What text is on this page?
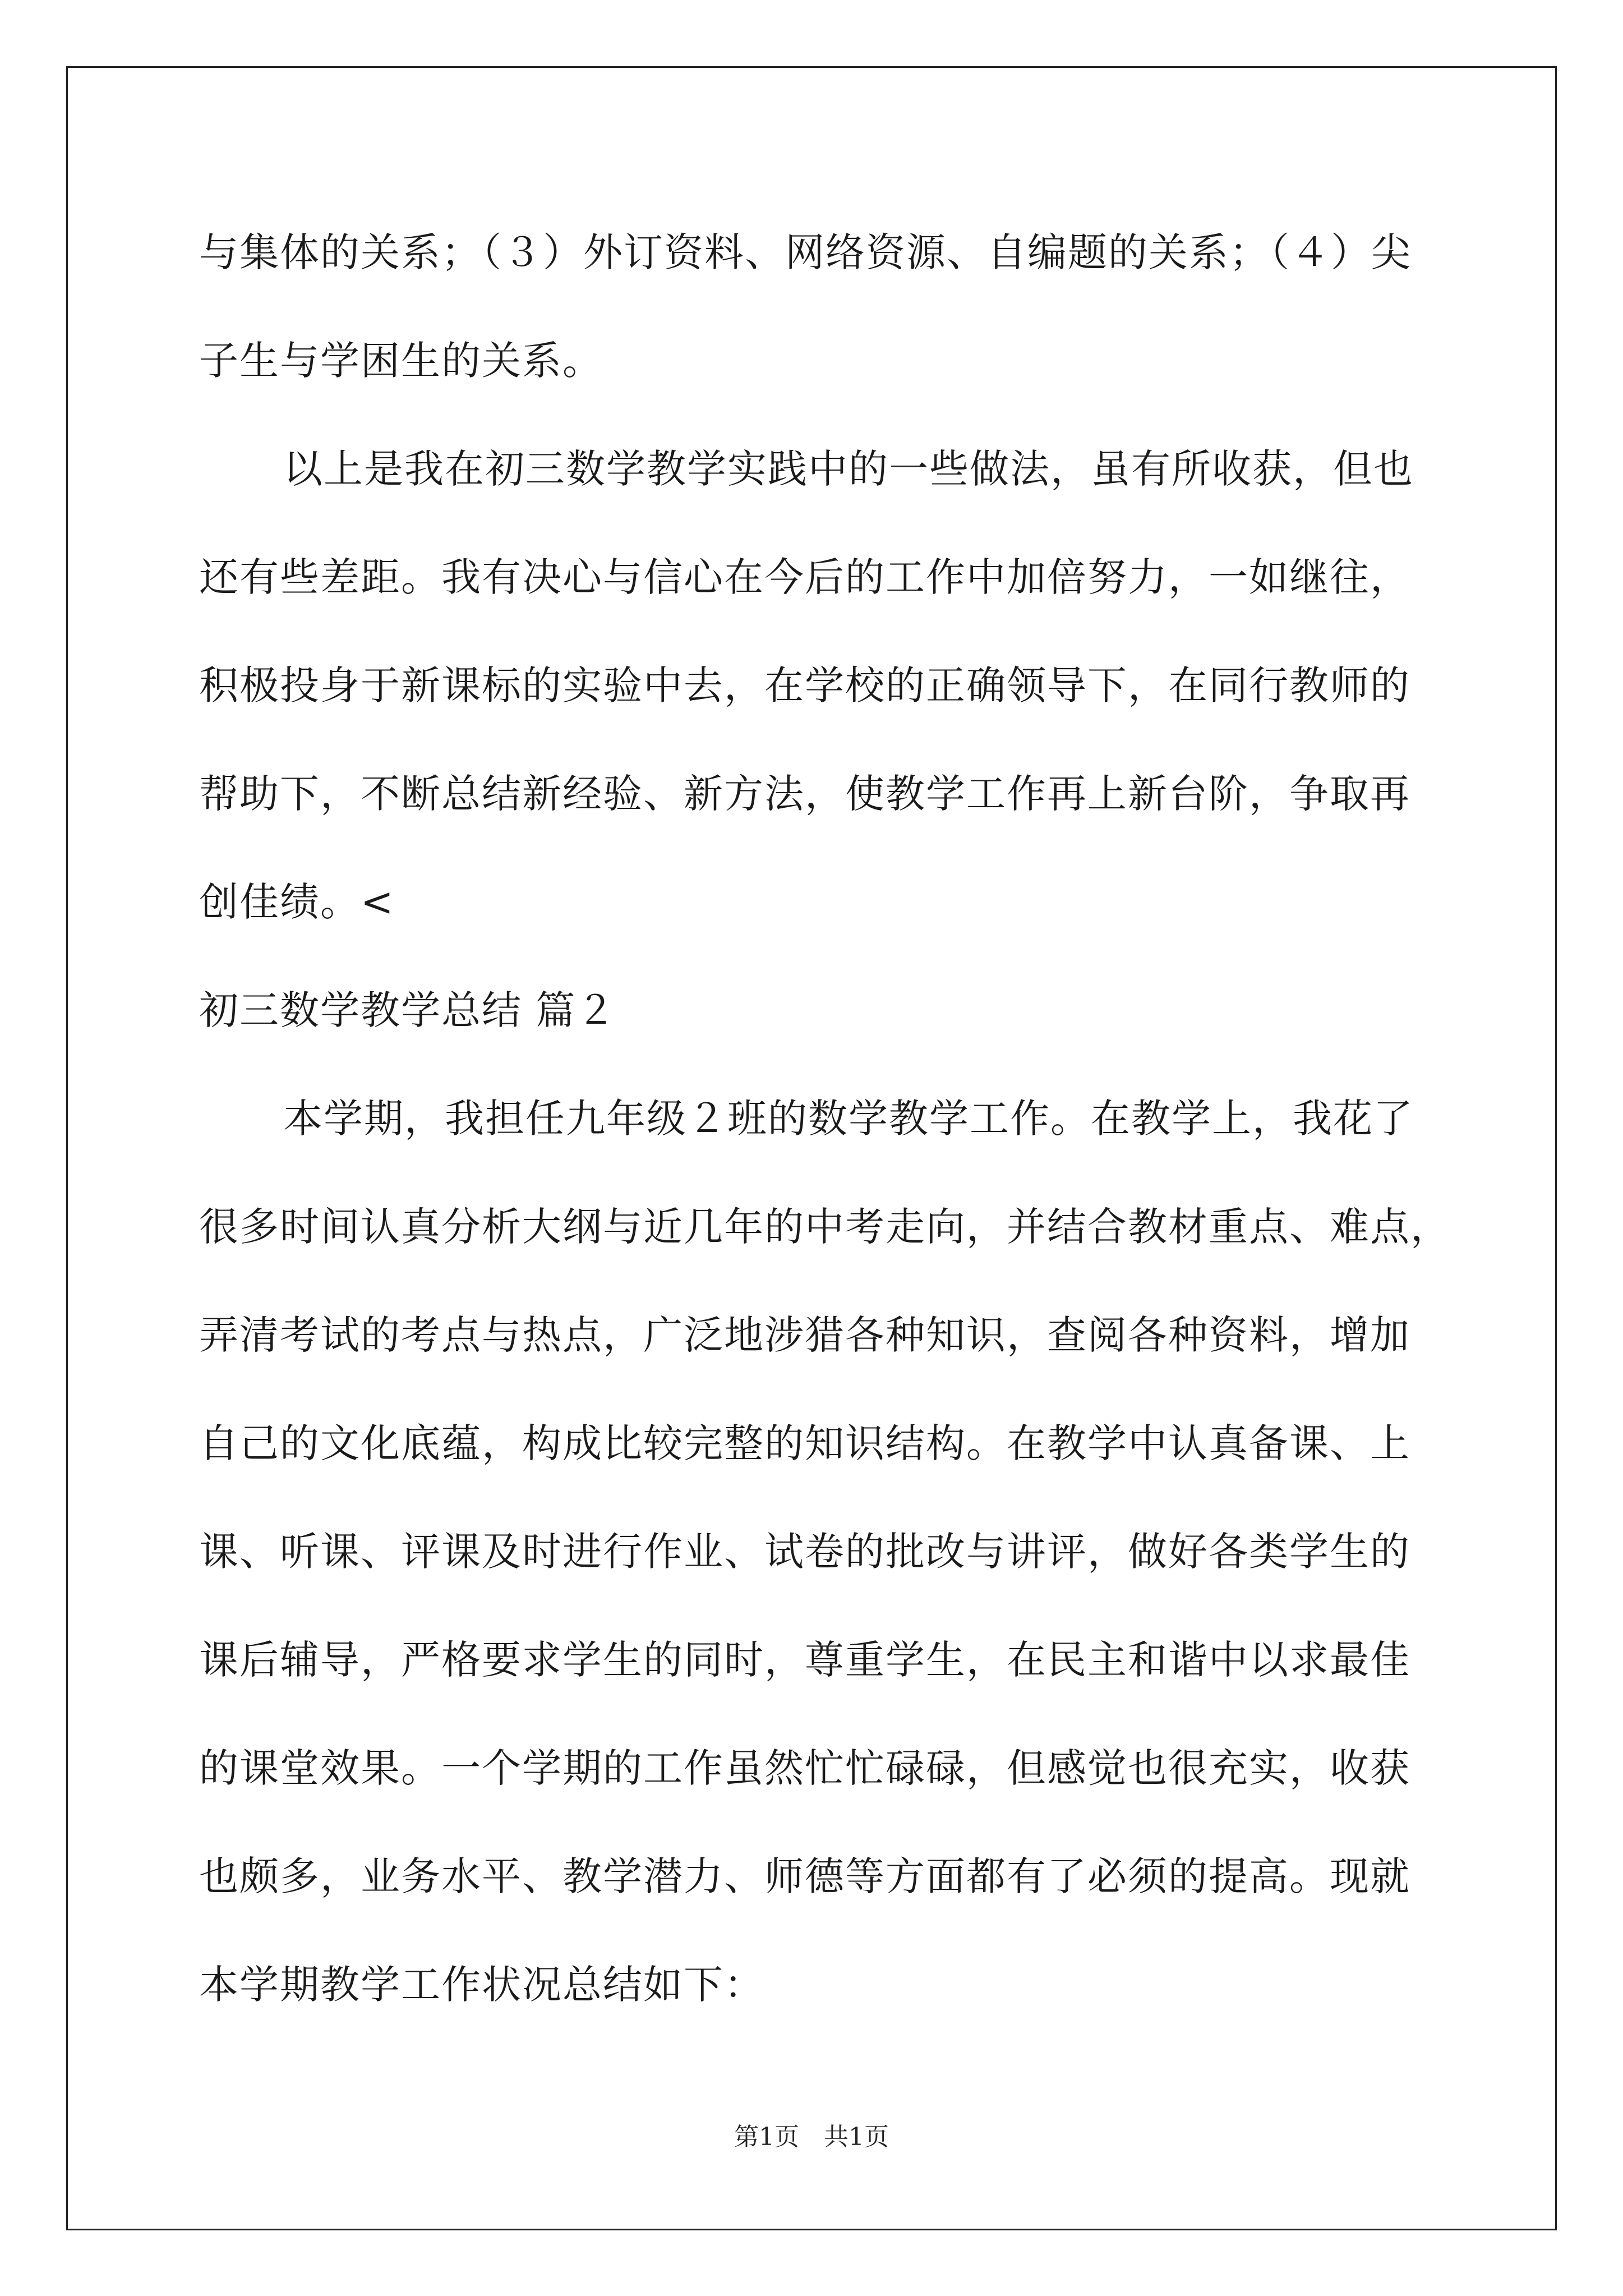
与集体的关系；（３）外订资料、网络资源、自编题的关系；（４）尖
子生与学困生的关系。
以上是我在初三数学教学实践中的一些做法，虽有所收获，但也
还有些差距。我有决心与信心在今后的工作中加倍努力，一如继往，
积极投身于新课标的实验中去，在学校的正确领导下，在同行教师的
帮助下，不断总结新经验、新方法，使教学工作再上新台阶，争取再
创佳绩。<
初三数学教学总结 篇２
本学期，我担任九年级２班的数学教学工作。在教学上，我花了
很多时间认真分析大纲与近几年的中考走向，并结合教材重点、难点，
弄清考试的考点与热点，广泛地涉猎各种知识，查阅各种资料，增加
自己的文化底蕴，构成比较完整的知识结构。在教学中认真备课、上
课、听课、评课及时进行作业、试卷的批改与讲评，做好各类学生的
课后辅导，严格要求学生的同时，尊重学生，在民主和谐中以求最佳
的课堂效果。一个学期的工作虽然忙忙碌碌，但感觉也很充实，收获
也颇多，业务水平、教学潜力、师德等方面都有了必须的提高。现就
本学期教学工作状况总结如下：
第1页　共1页
